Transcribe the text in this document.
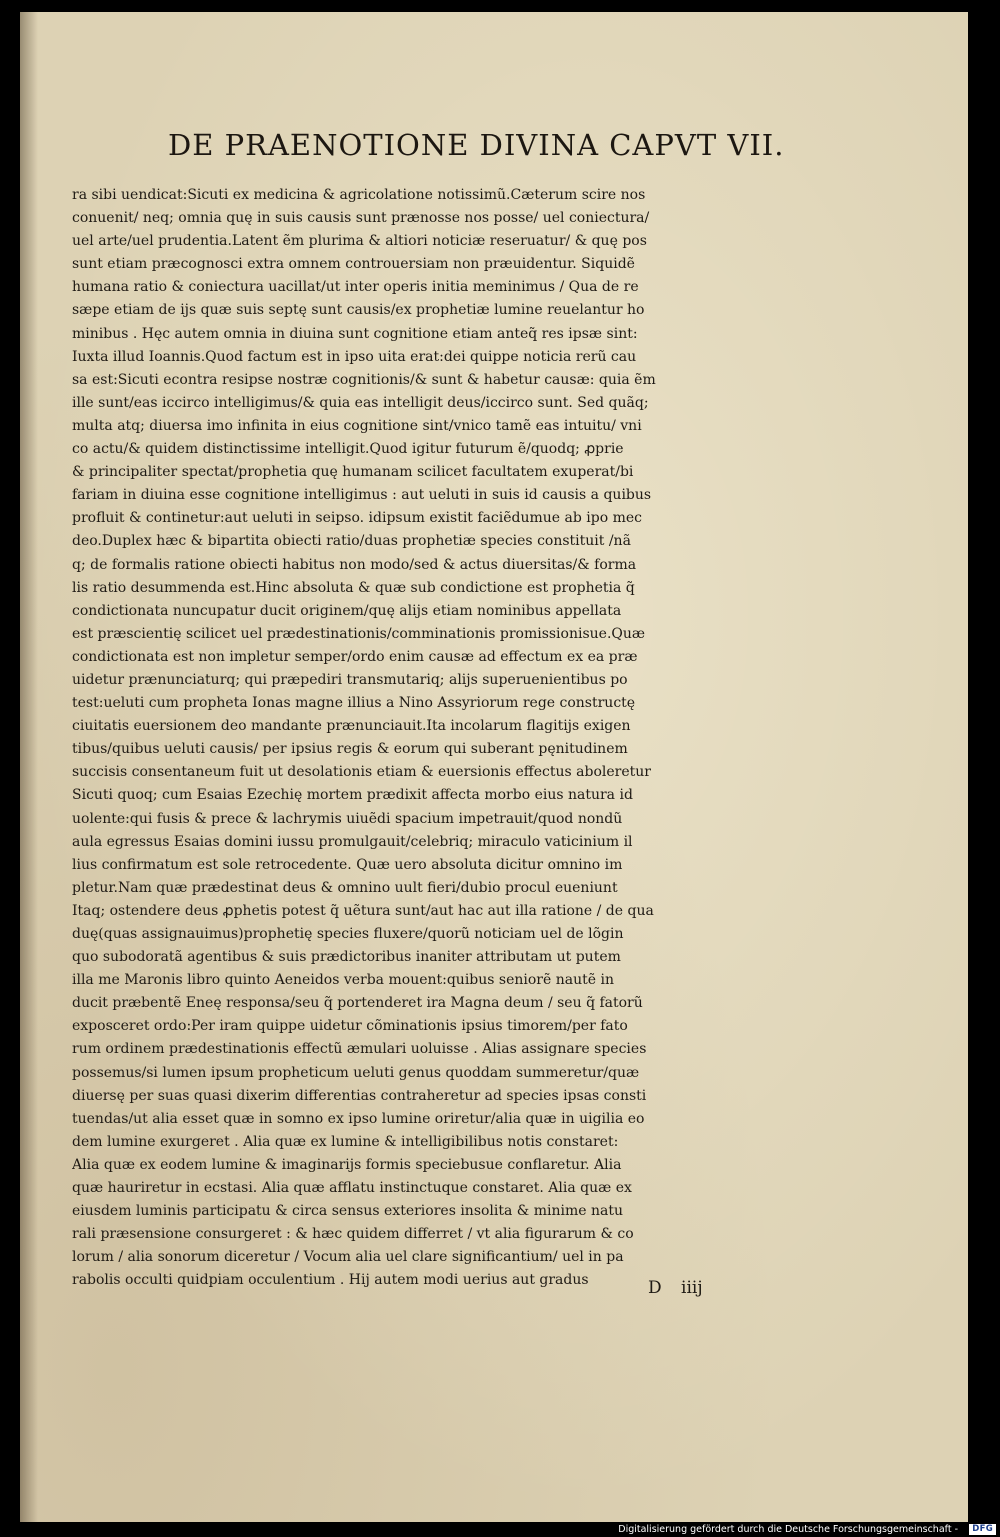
DE PRAENOTIONE DIVINA CAPVT VII.
ra sibi uendicat:Sicuti ex medicina & agricolatione notissimũ.Cæterum scire nos
conuenit/ neq; omnia quę in suis causis sunt prænosse nos posse/ uel coniectura/
uel arte/uel prudentia.Latent ẽm plurima & altiori noticiæ reseruatur/ & quę pos
sunt etiam præcognosci extra omnem controuersiam non præuidentur. Siquidẽ
humana ratio & coniectura uacillat/ut inter operis initia meminimus / Qua de re
sæpe etiam de ijs quæ suis septę sunt causis/ex prophetiæ lumine reuelantur ho
minibus . Hęc autem omnia in diuina sunt cognitione etiam anteq̃ res ipsæ sint:
Iuxta illud Ioannis.Quod factum est in ipso uita erat:dei quippe noticia rerũ cau
sa est:Sicuti econtra resipse nostræ cognitionis/& sunt & habetur causæ: quia ẽm
ille sunt/eas iccirco intelligimus/& quia eas intelligit deus/iccirco sunt. Sed quãq;
multa atq; diuersa imo infinita in eius cognitione sint/vnico tamẽ eas intuitu/ vni
co actu/& quidem distinctissime intelligit.Quod igitur futurum ẽ/quodq; ꝓprie
& principaliter spectat/prophetia quę humanam scilicet facultatem exuperat/bi
fariam in diuina esse cognitione intelligimus : aut ueluti in suis id causis a quibus
profluit & continetur:aut ueluti in seipso. idipsum existit faciẽdumue ab ipo mec
deo.Duplex hæc & bipartita obiecti ratio/duas prophetiæ species constituit /nã
q; de formalis ratione obiecti habitus non modo/sed & actus diuersitas/& forma
lis ratio desummenda est.Hinc absoluta & quæ sub condictione est prophetia q̃
condictionata nuncupatur ducit originem/quę alijs etiam nominibus appellata
est præscientię scilicet uel prædestinationis/comminationis promissionisue.Quæ
condictionata est non impletur semper/ordo enim causæ ad effectum ex ea præ
uidetur prænunciaturq; qui præpediri transmutariq; alijs superuenientibus po
test:ueluti cum propheta Ionas magne illius a Nino Assyriorum rege constructę
ciuitatis euersionem deo mandante prænunciauit.Ita incolarum flagitijs exigen
tibus/quibus ueluti causis/ per ipsius regis & eorum qui suberant pęnitudinem
succisis consentaneum fuit ut desolationis etiam & euersionis effectus aboleretur
Sicuti quoq; cum Esaias Ezechię mortem prædixit affecta morbo eius natura id
uolente:qui fusis & prece & lachrymis uiuẽdi spacium impetrauit/quod nondũ
aula egressus Esaias domini iussu promulgauit/celebriq; miraculo vaticinium il
lius confirmatum est sole retrocedente. Quæ uero absoluta dicitur omnino im
pletur.Nam quæ prædestinat deus & omnino uult fieri/dubio procul eueniunt
Itaq; ostendere deus ꝓphetis potest q̃ uẽtura sunt/aut hac aut illa ratione / de qua
duę(quas assignauimus)prophetię species fluxere/quorũ noticiam uel de lõgin
quo subodoratã agentibus & suis prædictoribus inaniter attributam ut putem
illa me Maronis libro quinto Aeneidos verba mouent:quibus seniorẽ nautẽ in
ducit præbentẽ Eneę responsa/seu q̃ portenderet ira Magna deum / seu q̃ fatorũ
exposceret ordo:Per iram quippe uidetur cõminationis ipsius timorem/per fato
rum ordinem prædestinationis effectũ æmulari uoluisse . Alias assignare species
possemus/si lumen ipsum propheticum ueluti genus quoddam summeretur/quæ
diuersę per suas quasi dixerim differentias contraheretur ad species ipsas consti
tuendas/ut alia esset quæ in somno ex ipso lumine oriretur/alia quæ in uigilia eo
dem lumine exurgeret . Alia quæ ex lumine & intelligibilibus notis constaret:
Alia quæ ex eodem lumine & imaginarijs formis speciebusue conflaretur. Alia
quæ hauriretur in ecstasi. Alia quæ afflatu instinctuque constaret. Alia quæ ex
eiusdem luminis participatu & circa sensus exteriores insolita & minime natu
rali præsensione consurgeret : & hæc quidem differret / vt alia figurarum & co
lorum / alia sonorum diceretur / Vocum alia uel clare significantium/ uel in pa
rabolis occulti quidpiam occulentium . Hij autem modi uerius aut gradus	D iiij
Digitalisierung gefördert durch die Deutsche Forschungsgemeinschaft -	DFG
